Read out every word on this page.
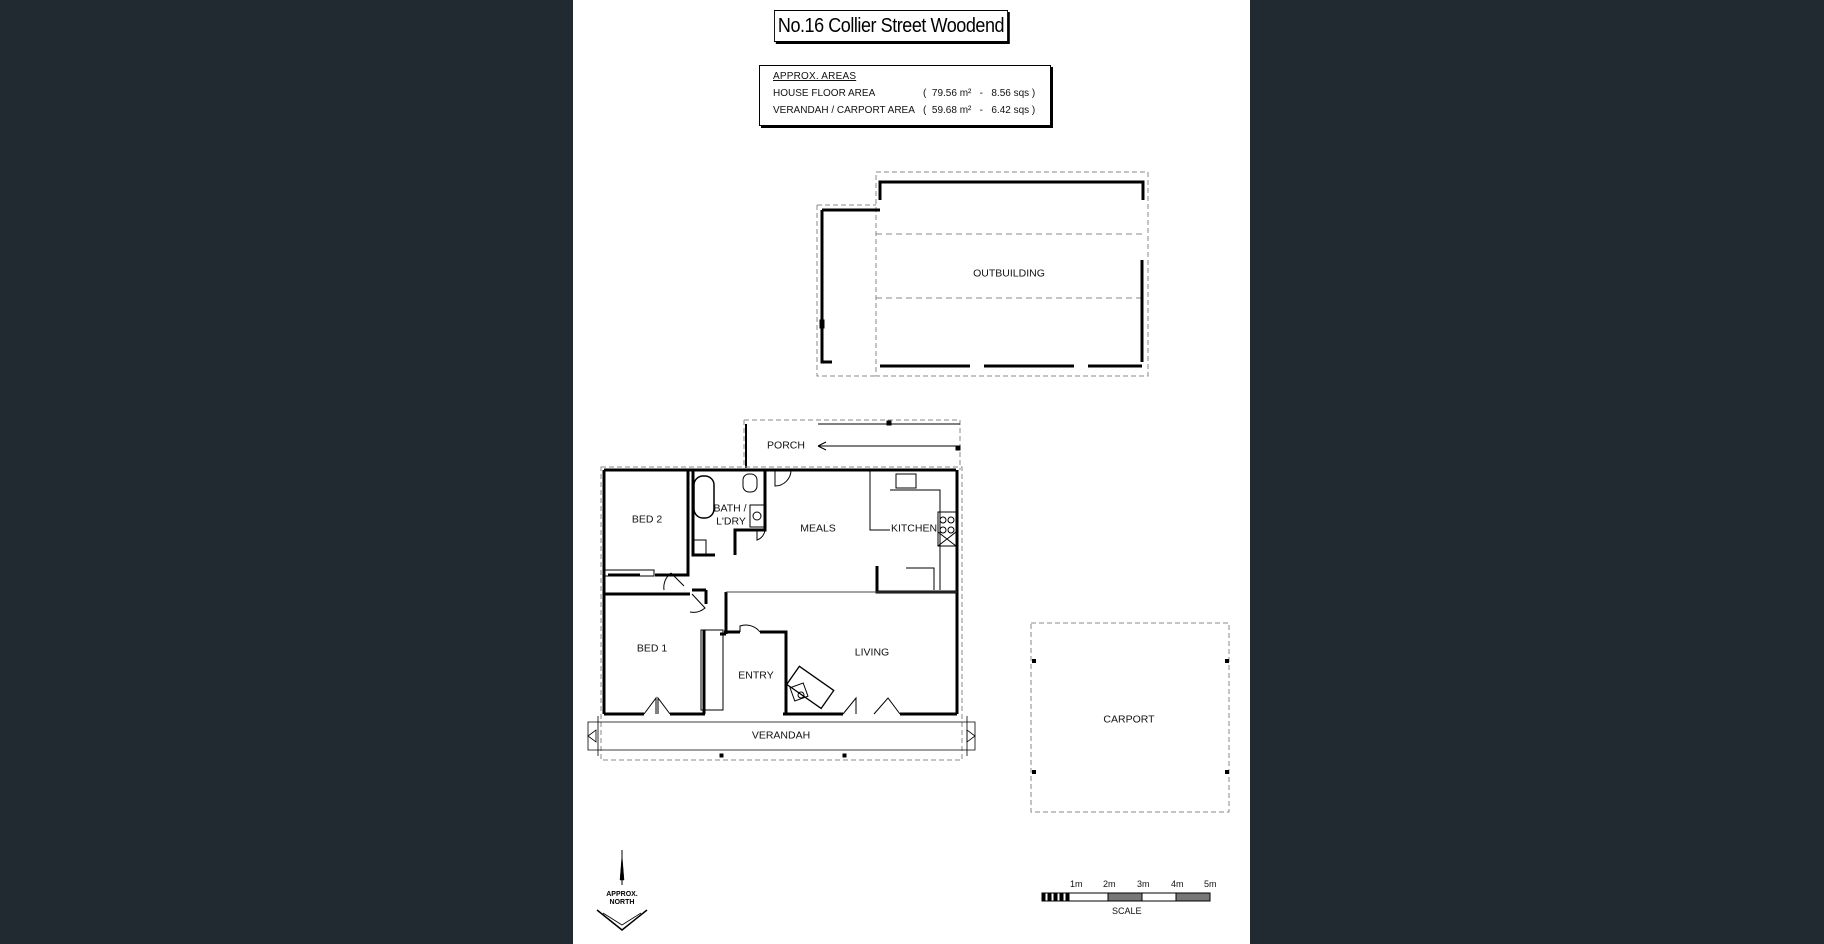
No.16 Collier Street Woodend
APPROX. AREAS
HOUSE FLOOR AREA	(  79.56 m²   -   8.56 sqs )
VERANDAH / CARPORT AREA (  59.68 m²   -   6.42 sqs )
OUTBUILDING
PORCH
BED 2
BATH /
L'DRY
MEALS	KITCHEN
BED 1
ENTRY
LIVING
VERANDAH
CARPORT
APPROX.
NORTH
1m 2m 3m 4m 5m
SCALE
